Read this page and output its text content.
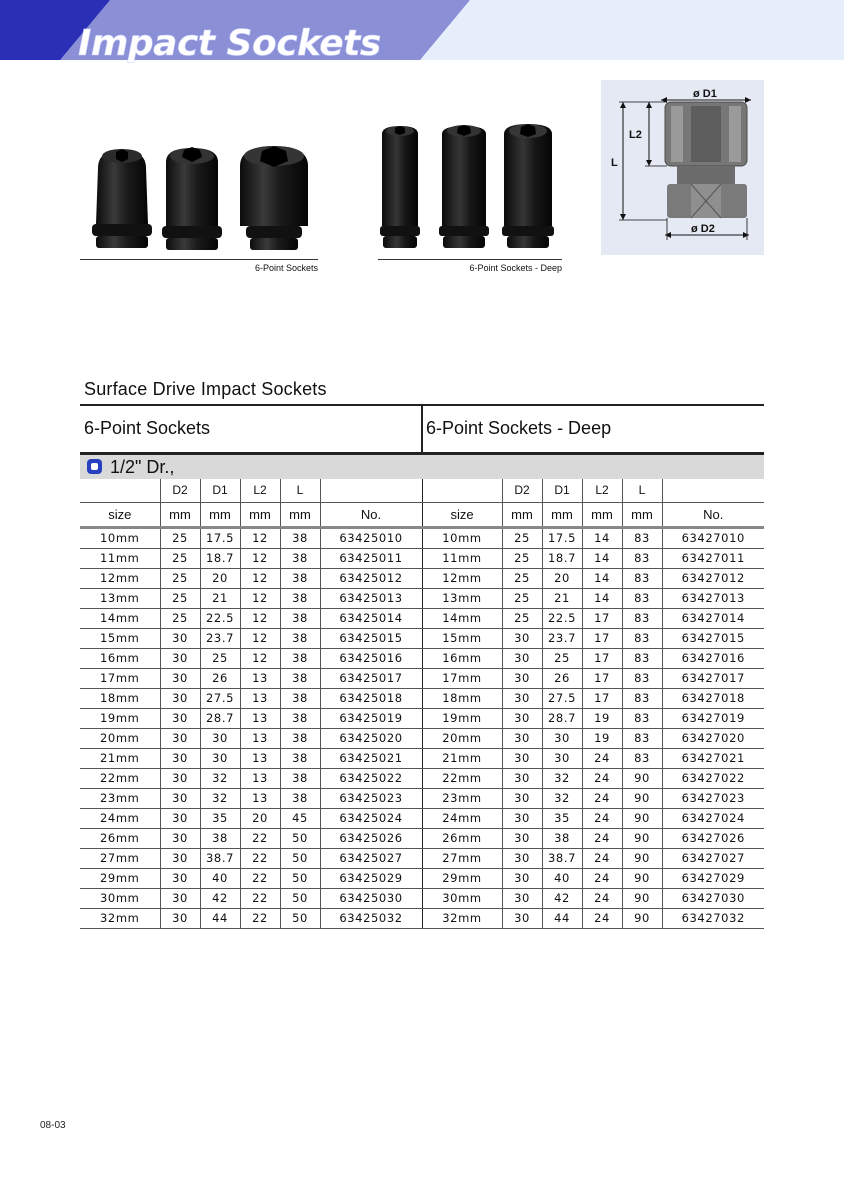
Impact Sockets
6-Point Sockets	6-Point Sockets - Deep
ø D1
ø D2
L2
L
Surface Drive Impact Sockets
6-Point Sockets	6-Point Sockets - Deep
1/2" Dr.,
	D2	D1	L2	L			D2	D1	L2	L	
size	mm	mm	mm	mm	No.	size	mm	mm	mm	mm	No.
10mm	25	17.5	12	38	63425010	10mm	25	17.5	14	83	63427010
11mm	25	18.7	12	38	63425011	11mm	25	18.7	14	83	63427011
12mm	25	20	12	38	63425012	12mm	25	20	14	83	63427012
13mm	25	21	12	38	63425013	13mm	25	21	14	83	63427013
14mm	25	22.5	12	38	63425014	14mm	25	22.5	17	83	63427014
15mm	30	23.7	12	38	63425015	15mm	30	23.7	17	83	63427015
16mm	30	25	12	38	63425016	16mm	30	25	17	83	63427016
17mm	30	26	13	38	63425017	17mm	30	26	17	83	63427017
18mm	30	27.5	13	38	63425018	18mm	30	27.5	17	83	63427018
19mm	30	28.7	13	38	63425019	19mm	30	28.7	19	83	63427019
20mm	30	30	13	38	63425020	20mm	30	30	19	83	63427020
21mm	30	30	13	38	63425021	21mm	30	30	24	83	63427021
22mm	30	32	13	38	63425022	22mm	30	32	24	90	63427022
23mm	30	32	13	38	63425023	23mm	30	32	24	90	63427023
24mm	30	35	20	45	63425024	24mm	30	35	24	90	63427024
26mm	30	38	22	50	63425026	26mm	30	38	24	90	63427026
27mm	30	38.7	22	50	63425027	27mm	30	38.7	24	90	63427027
29mm	30	40	22	50	63425029	29mm	30	40	24	90	63427029
30mm	30	42	22	50	63425030	30mm	30	42	24	90	63427030
32mm	30	44	22	50	63425032	32mm	30	44	24	90	63427032
08-03
